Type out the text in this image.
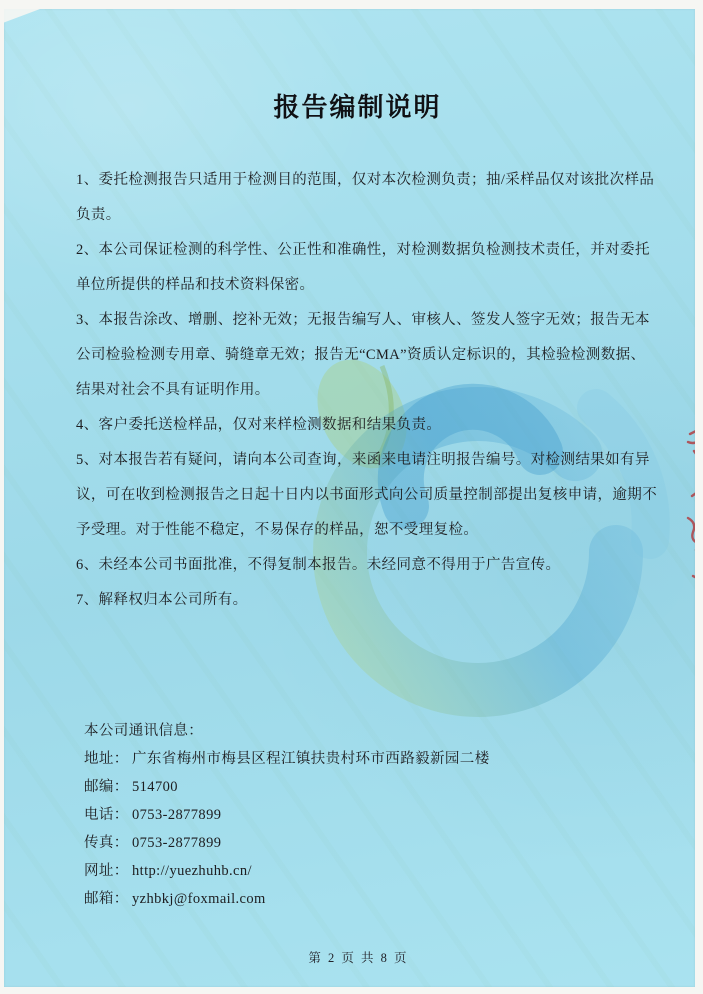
报告编制说明
1、委托检测报告只适用于检测目的范围，仅对本次检测负责；抽/采样品仅对该批次样品
负责。
2、本公司保证检测的科学性、公正性和准确性，对检测数据负检测技术责任，并对委托
单位所提供的样品和技术资料保密。
3、本报告涂改、增删、挖补无效；无报告编写人、审核人、签发人签字无效；报告无本
公司检验检测专用章、骑缝章无效；报告无“CMA”资质认定标识的，其检验检测数据、
结果对社会不具有证明作用。
4、客户委托送检样品，仅对来样检测数据和结果负责。
5、对本报告若有疑问，请向本公司查询，来函来电请注明报告编号。对检测结果如有异
议，可在收到检测报告之日起十日内以书面形式向公司质量控制部提出复核申请，逾期不
予受理。对于性能不稳定，不易保存的样品，恕不受理复检。
6、未经本公司书面批准，不得复制本报告。未经同意不得用于广告宣传。
7、解释权归本公司所有。
本公司通讯信息：
地址： 广东省梅州市梅县区程江镇扶贵村环市西路毅新园二楼
邮编： 514700
电话： 0753-2877899
传真： 0753-2877899
网址： http://yuezhuhb.cn/
邮箱： yzhbkj@foxmail.com
第 2 页 共 8 页
